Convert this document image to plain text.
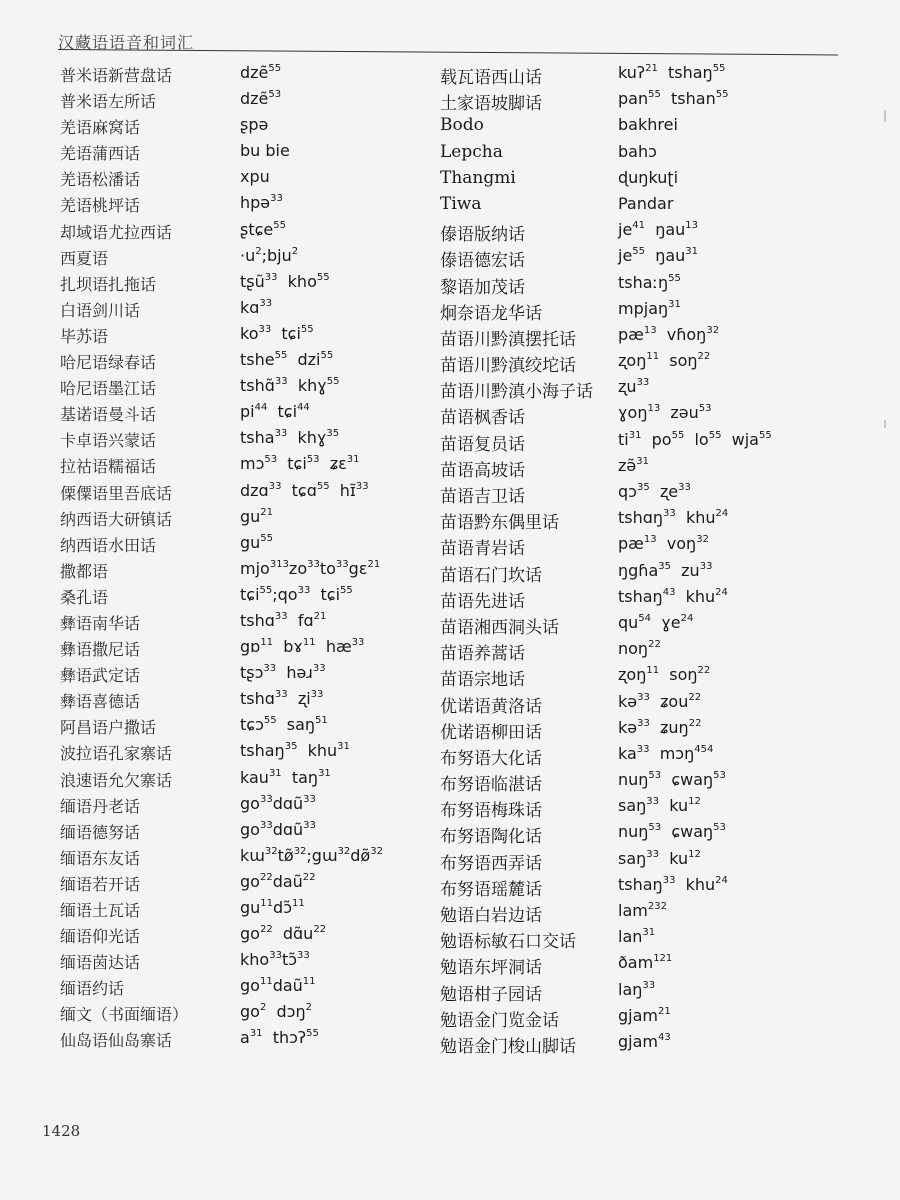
汉藏语语音和词汇
普米语新营盘话	dzẽ$^{55}$
普米语左所话	dzẽ$^{53}$
羌语麻窝话	ʂpə
羌语蒲西话	bu bie
羌语松潘话	xpu
羌语桃坪话	hpə$^{33}$
却域语尤拉西话	ʂtɕe$^{55}$
西夏语	$\cdot u^2;bju^2$
扎坝语扎拖话	tʂũ$^{33}$  kho$^{55}$
白语剑川话	kɑ$^{33}$
毕苏语	$ko^{33}$  tɕi$^{55}$
哈尼语绿春话	tshe$^{55}$  dzi$^{55}$
哈尼语墨江话	tshɑ̃$^{33}$  khɣ$^{55}$
基诺语曼斗话	$pi^{44}$  tɕi$^{44}$
卡卓语兴蒙话	tsha$^{33}$  khɣ$^{35}$
拉祜语糯福话	mɔ$^{53}$  tɕi$^{53}$  ʑɛ$^{31}$
傈僳语里吾底话	dzɑ$^{33}$  tɕɑ$^{55}$  hɪ̃$^{33}$
纳西语大研镇话	$gu^{21}$
纳西语水田话	$gu^{55}$
撒都语	$mjo^{313}zo^{33}to^{33}gɛ^{21}$
桑孔语	$tɕi^{55};qo^{33}$  tɕi$^{55}$
彝语南华话	tshɑ$^{33}$  fɑ$^{21}$
彝语撒尼话	gɒ$^{11}$  bɤ$^{11}$  $hæ^{33}$
彝语武定话	tʂɔ$^{33}$  həɹ$^{33}$
彝语喜德话	tshɑ$^{33}$  ʐi$^{33}$
阿昌语户撒话	tɕɔ$^{55}$  saŋ$^{51}$
波拉语孔家寨话	tshaŋ$^{35}$  khu$^{31}$
浪速语允欠寨话	kau$^{31}$  taŋ$^{31}$
缅语丹老话	$go^{33}dɑũ^{33}$
缅语德努话	$go^{33}dɑũ^{33}$
缅语东友话	kɯ$^{32}$tø̃$^{32}$;gɯ$^{32}$dø̃$^{32}$
缅语若开话	$go^{22}daũ^{22}$
缅语土瓦话	$gu^{11}dɔ̃^{11}$
缅语仰光话	$go^{22}$  $dɑ̃u^{22}$
缅语茵达话	kho$^{33}$tɔ̃$^{33}$
缅语约话	$go^{11}daũ^{11}$
缅文（书面缅语）	$go^2$  dɔŋ$^2$
仙岛语仙岛寨话	$a^{31}$  thɔʔ$^{55}$
载瓦语西山话	kuʔ$^{21}$  tshaŋ$^{55}$
土家语坡脚话	pan$^{55}$  tshan$^{55}$
Bodo	bakhrei
Lepcha	bahɔ
Thangmi	ɖuŋkuʈi
Tiwa	Pandar
傣语版纳话	$je^{41}$  ŋau$^{13}$
傣语德宏话	$je^{55}$  ŋau$^{31}$
黎语加茂话	tshaːŋ$^{55}$
炯奈语龙华话	mpjaŋ$^{31}$
苗语川黔滇摆托话	$pæ^{13}$  vɦoŋ$^{32}$
苗语川黔滇绞坨话	ʐoŋ$^{11}$  soŋ$^{22}$
苗语川黔滇小海子话 ʐu$^{33}$
苗语枫香话	ɣoŋ$^{13}$  zəu$^{53}$
苗语复员话	$ti^{31}$  $po^{55}$  $lo^{55}$  wja$^{55}$
苗语高坡话	zə̃$^{31}$
苗语吉卫话	qɔ$^{35}$  ʐe$^{33}$
苗语黔东偶里话	tshɑŋ$^{33}$  khu$^{24}$
苗语青岩话	$pæ^{13}$  voŋ$^{32}$
苗语石门坎话	ŋgɦa$^{35}$  $zu^{33}$
苗语先进话	tshaŋ$^{43}$  khu$^{24}$
苗语湘西洞头话	$qu^{54}$  ɣe$^{24}$
苗语养蒿话	noŋ$^{22}$
苗语宗地话	ʐoŋ$^{11}$  soŋ$^{22}$
优诺语黄洛话	kə$^{33}$  ʑou$^{22}$
优诺语柳田话	kə$^{33}$  ʑuŋ$^{22}$
布努语大化话	$ka^{33}$  mɔŋ$^{454}$
布努语临湛话	nuŋ$^{53}$  ɕwaŋ$^{53}$
布努语梅珠话	saŋ$^{33}$  $ku^{12}$
布努语陶化话	nuŋ$^{53}$  ɕwaŋ$^{53}$
布努语西弄话	saŋ$^{33}$  $ku^{12}$
布努语瑶麓话	tshaŋ$^{33}$  khu$^{24}$
勉语白岩边话	lam$^{232}$
勉语标敏石口交话	lan$^{31}$
勉语东坪洞话	ðam$^{121}$
勉语柑子园话	laŋ$^{33}$
勉语金门览金话	gjam$^{21}$
勉语金门梭山脚话	gjam$^{43}$
1428
